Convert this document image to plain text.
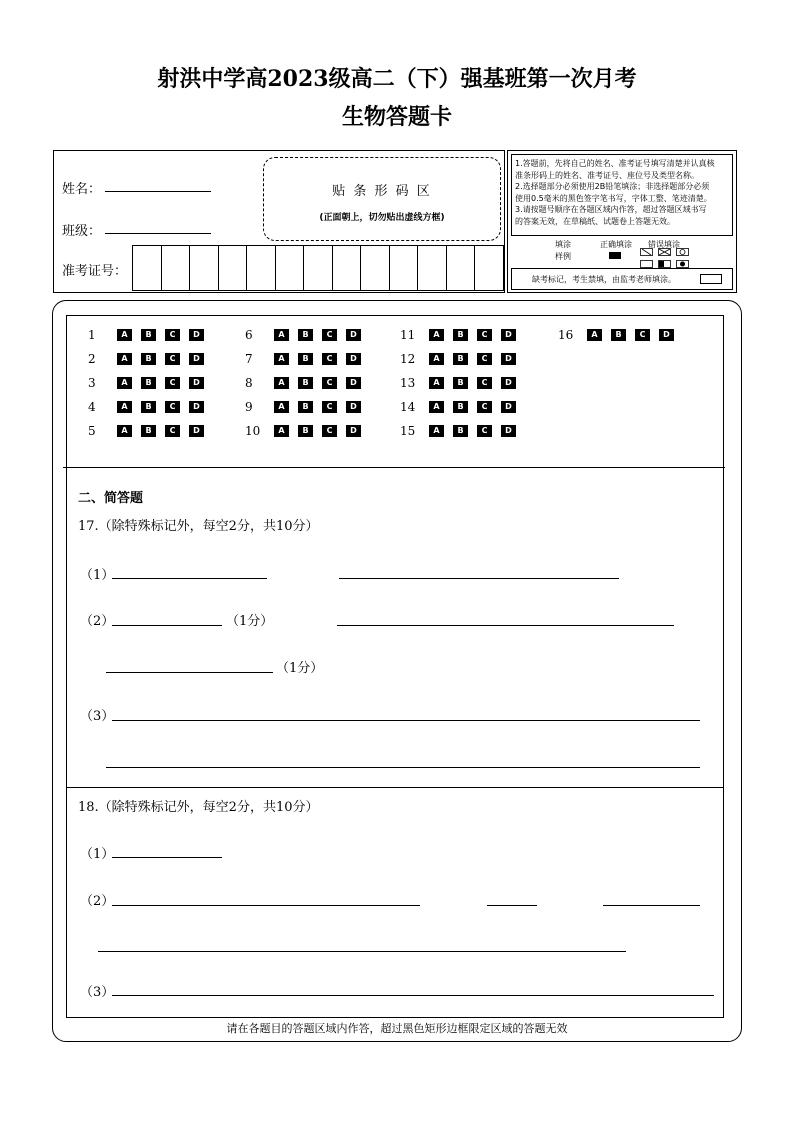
射洪中学高2023级高二（下）强基班第一次月考
生物答题卡
姓名：
班级：
准考证号：
贴 条 形 码 区
(正面朝上，切勿贴出虚线方框)
1.答题前，先将自己的姓名、准考证号填写清楚并认真核
准条形码上的姓名、准考证号、座位号及类型名称。
2.选择题部分必须使用2B铅笔填涂；非选择题部分必须
使用0.5毫米的黑色签字笔书写，字体工整、笔迹清楚。
3.请按题号顺序在各题区域内作答，超过答题区域书写
的答案无效，在草稿纸、试题卷上答题无效。
填涂
样例
正确填涂 错误填涂
缺考标记，考生禁填，由监考老师填涂。
1	A	B	C	D
2	A	B	C	D
3	A	B	C	D
4	A	B	C	D
5	A	B	C	D
6	A	B	C	D
7	A	B	C	D
8	A	B	C	D
9	A	B	C	D
10	A	B	C	D
11	A	B	C	D
12	A	B	C	D
13	A	B	C	D
14	A	B	C	D
15	A	B	C	D
16	A	B	C	D
二、简答题
17.（除特殊标记外，每空2分，共10分）
（1）
（2）	（1分）
（1分）
（3）
18.（除特殊标记外，每空2分，共10分）
（1）
（2）
（3）
请在各题目的答题区域内作答，超过黑色矩形边框限定区域的答题无效
